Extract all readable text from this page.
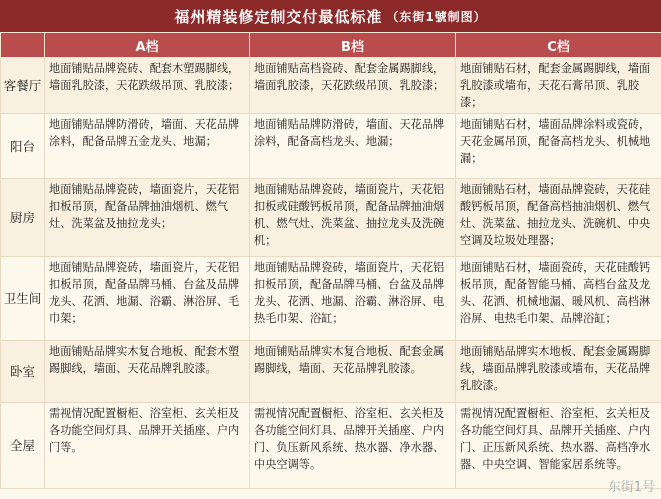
福州精装修定制交付最低标准 （东街1號制图）
	A档	B档	C档
客餐厅	地面铺贴品牌瓷砖、配套木塑踢脚线，墙面乳胶漆，天花跌级吊顶、乳胶漆；	地面铺贴高档瓷砖、配套金属踢脚线，墙面乳胶漆，天花跌级吊顶、乳胶漆；	地面铺贴石材，配套金属踢脚线，墙面乳胶漆或墙布，天花石膏吊顶、乳胶漆；
阳台	地面铺贴品牌防滑砖，墙面、天花品牌涂料，配备品牌五金龙头、地漏；	地面铺贴品牌防滑砖，墙面、天花品牌涂料，配备高档龙头、地漏；	地面铺贴石材，墙面品牌涂料或瓷砖，天花金属吊顶，配备高档龙头、机械地漏；
厨房	地面铺贴品牌瓷砖，墙面瓷片，天花铝扣板吊顶，配备品牌抽油烟机、燃气灶、洗菜盆及抽拉龙头；	地面铺贴品牌瓷砖，墙面瓷片，天花铝扣板或硅酸钙板吊顶，配备品牌抽油烟机、燃气灶、洗菜盆、抽拉龙头及洗碗机；	地面铺贴石材，墙面品牌瓷砖，天花硅酸钙板吊顶，配备高档抽油烟机、燃气灶、洗菜盆、抽拉龙头、洗碗机、中央空调及垃圾处理器；
卫生间	地面铺贴品牌瓷砖，墙面瓷片，天花铝扣板吊顶，配备品牌马桶、台盆及品牌龙头、花洒、地漏、浴霸、淋浴屏、毛巾架；	地面铺贴品牌瓷砖，墙面瓷片，天花铝扣板吊顶，配备品牌马桶、台盆及品牌龙头、花洒、地漏、浴霸、淋浴屏、电热毛巾架、浴缸；	地面铺贴石材，墙面瓷砖，天花硅酸钙板吊顶，配备智能马桶、高档台盆及龙头、花洒、机械地漏、暖风机、高档淋浴屏、电热毛巾架、品牌浴缸；
卧室	地面铺贴品牌实木复合地板、配套木塑踢脚线，墙面、天花品牌乳胶漆。	地面铺贴品牌实木复合地板、配套金属踢脚线，墙面、天花品牌乳胶漆。	地面铺贴品牌实木地板、配套金属踢脚线，墙面品牌乳胶漆或墙布，天花品牌乳胶漆。
全屋	需视情况配置橱柜、浴室柜、玄关柜及各功能空间灯具、品牌开关插座、户内门等。	需视情况配置橱柜、浴室柜、玄关柜及各功能空间灯具、品牌开关插座、户内门、负压新风系统、热水器、净水器、中央空调等。	需视情况配置橱柜、浴室柜、玄关柜及各功能空间灯具、品牌开关插座、户内门、正压新风系统、热水器、高档净水器、中央空调、智能家居系统等。
东街1号
